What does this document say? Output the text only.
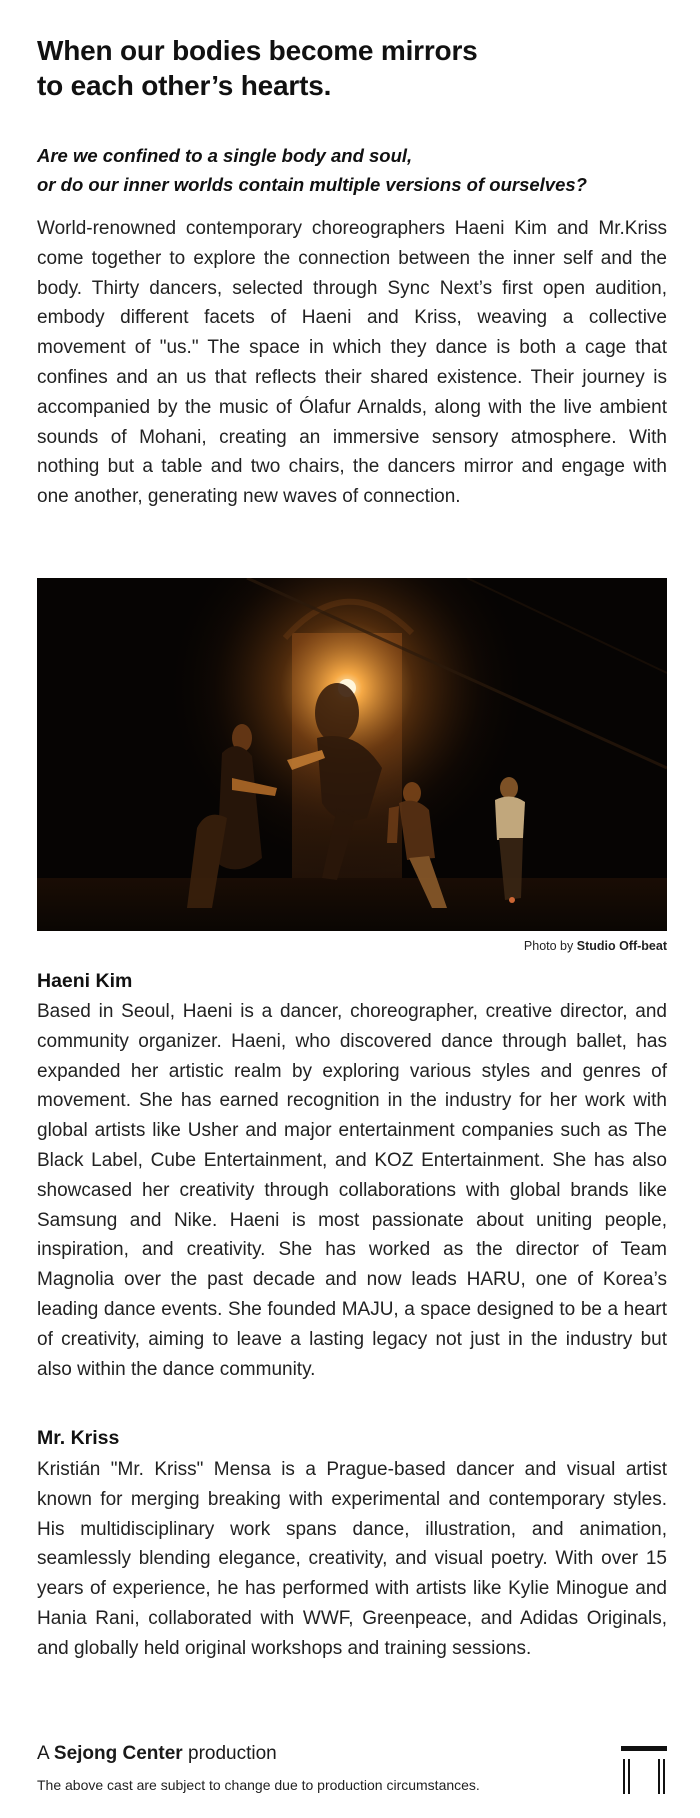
When our bodies become mirrors
to each other’s hearts.

Are we confined to a single body and soul,
or do our inner worlds contain multiple versions of ourselves?

World-renowned contemporary choreographers Haeni Kim and Mr.Kriss come together to explore the connection between the inner self and the body. Thirty dancers, selected through Sync Next’s first open audition, embody different facets of Haeni and Kriss, weaving a collective movement of "us." The space in which they dance is both a cage that confines and an us that reflects their shared existence. Their journey is accompanied by the music of Ólafur Arnalds, along with the live ambient sounds of Mohani, creating an immersive sensory atmosphere. With nothing but a table and two chairs, the dancers mirror and engage with one another, generating new waves of connection.

Photo by Studio Off-beat
Haeni Kim

Based in Seoul, Haeni is a dancer, choreographer, creative director, and community organizer. Haeni, who discovered dance through ballet, has expanded her artistic realm by exploring various styles and genres of movement. She has earned recognition in the industry for her work with global artists like Usher and major entertainment companies such as The Black Label, Cube Entertainment, and KOZ Entertainment. She has also showcased her creativity through collaborations with global brands like Samsung and Nike. Haeni is most passionate about uniting people, inspiration, and creativity. She has worked as the director of Team Magnolia over the past decade and now leads HARU, one of Korea’s leading dance events. She founded MAJU, a space designed to be a heart of creativity, aiming to leave a lasting legacy not just in the industry but also within the dance community.

Mr. Kriss

Kristián "Mr. Kriss" Mensa is a Prague-based dancer and visual artist known for merging breaking with experimental and contemporary styles. His multidisciplinary work spans dance, illustration, and animation, seamlessly blending elegance, creativity, and visual poetry. With over 15 years of experience, he has performed with artists like Kylie Minogue and Hania Rani, collaborated with WWF, Greenpeace, and Adidas Originals, and globally held original workshops and training sessions.

A Sejong Center production
The above cast are subject to change due to production circumstances.
